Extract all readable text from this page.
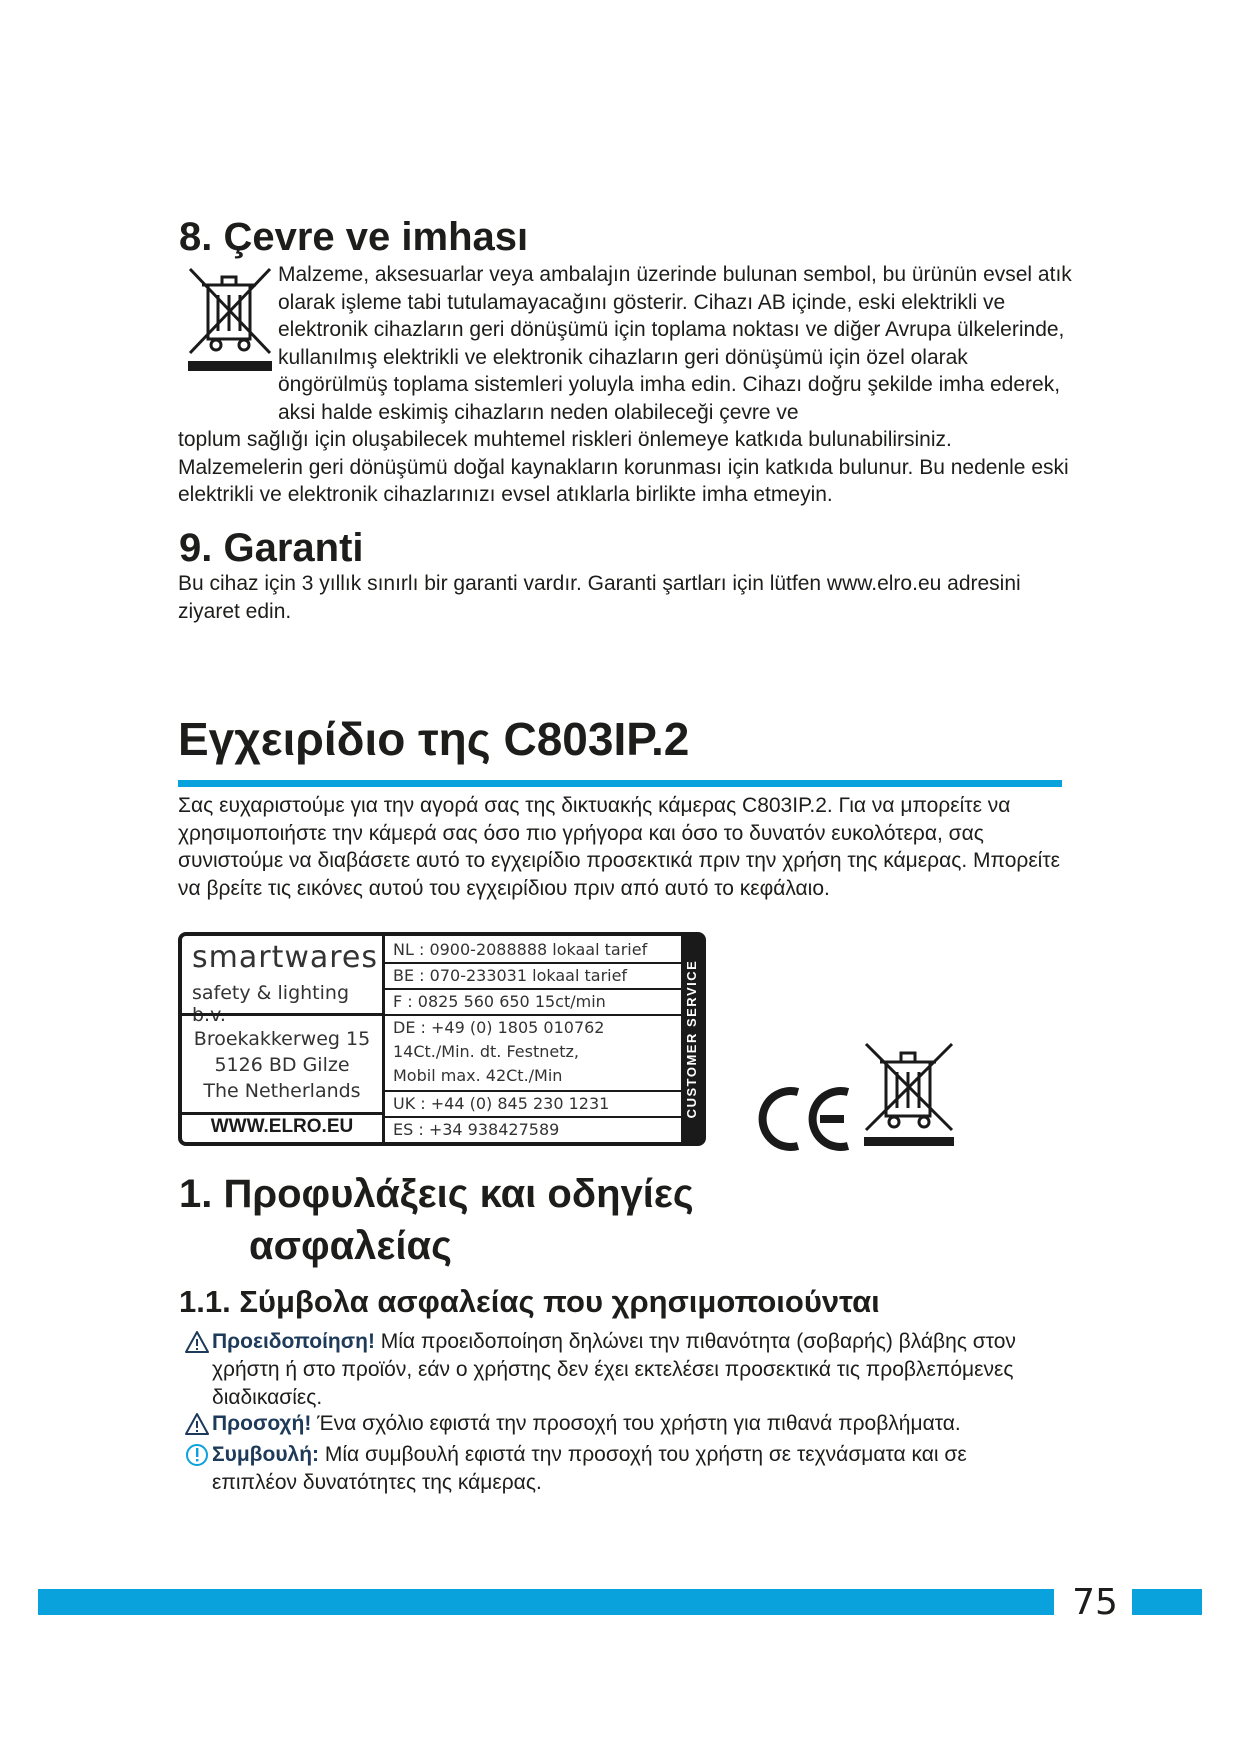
8. Çevre ve imhası

Malzeme, aksesuarlar veya ambalajın üzerinde bulunan sembol, bu ürünün evsel atık olarak işleme tabi tutulamayacağını gösterir. Cihazı AB içinde, eski elektrikli ve elektronik cihazların geri dönüşümü için toplama noktası ve diğer Avrupa ülkelerinde, kullanılmış elektrikli ve elektronik cihazların geri dönüşümü için özel olarak öngörülmüş toplama sistemleri yoluyla imha edin. Cihazı doğru şekilde imha ederek, aksi halde eskimiş cihazların neden olabileceği çevre ve

toplum sağlığı için oluşabilecek muhtemel riskleri önlemeye katkıda bulunabilirsiniz. Malzemelerin geri dönüşümü doğal kaynakların korunması için katkıda bulunur. Bu nedenle eski elektrikli ve elektronik cihazlarınızı evsel atıklarla birlikte imha etmeyin.

9. Garanti

Bu cihaz için 3 yıllık sınırlı bir garanti vardır. Garanti şartları için lütfen www.elro.eu adresini ziyaret edin.

Εγχειρίδιο της C803IP.2

Σας ευχαριστούμε για την αγορά σας της δικτυακής κάμερας C803IP.2. Για να μπορείτε να χρησιμοποιήστε την κάμερά σας όσο πιο γρήγορα και όσο το δυνατόν ευκολότερα, σας συνιστούμε να διαβάσετε αυτό το εγχειρίδιο προσεκτικά πριν την χρήση της κάμερας. Μπορείτε να βρείτε τις εικόνες αυτού του εγχειρίδιου πριν από αυτό το κεφάλαιο.

smartwares
safety & lighting
Broekakkerweg 15
5126 BD Gilze
The Netherlands
WWW.ELRO.EU
NL : 0900-2088888 lokaal tarief
BE : 070-233031 lokaal tarief
F : 0825 560 650 15ct/min
DE : +49 (0) 1805 010762
14Ct./Min. dt. Festnetz,
Mobil max. 42Ct./Min
UK : +44 (0) 845 230 1231
ES : +34 938427589
CUSTOMER SERVICE
1. Προφυλάξεις και οδηγίες
ασφαλείας
1.1. Σύμβολα ασφαλείας που χρησιμοποιούνται
Προειδοποίηση! Μία προειδοποίηση δηλώνει την πιθανότητα (σοβαρής) βλάβης στον
χρήστη ή στο προϊόν, εάν ο χρήστης δεν έχει εκτελέσει προσεκτικά τις προβλεπόμενες διαδικασίες.
Προσοχή! Ένα σχόλιο εφιστά την προσοχή του χρήστη για πιθανά προβλήματα.
Συμβουλή: Μία συμβουλή εφιστά την προσοχή του χρήστη σε τεχνάσματα και σε
επιπλέον δυνατότητες της κάμερας.
75
